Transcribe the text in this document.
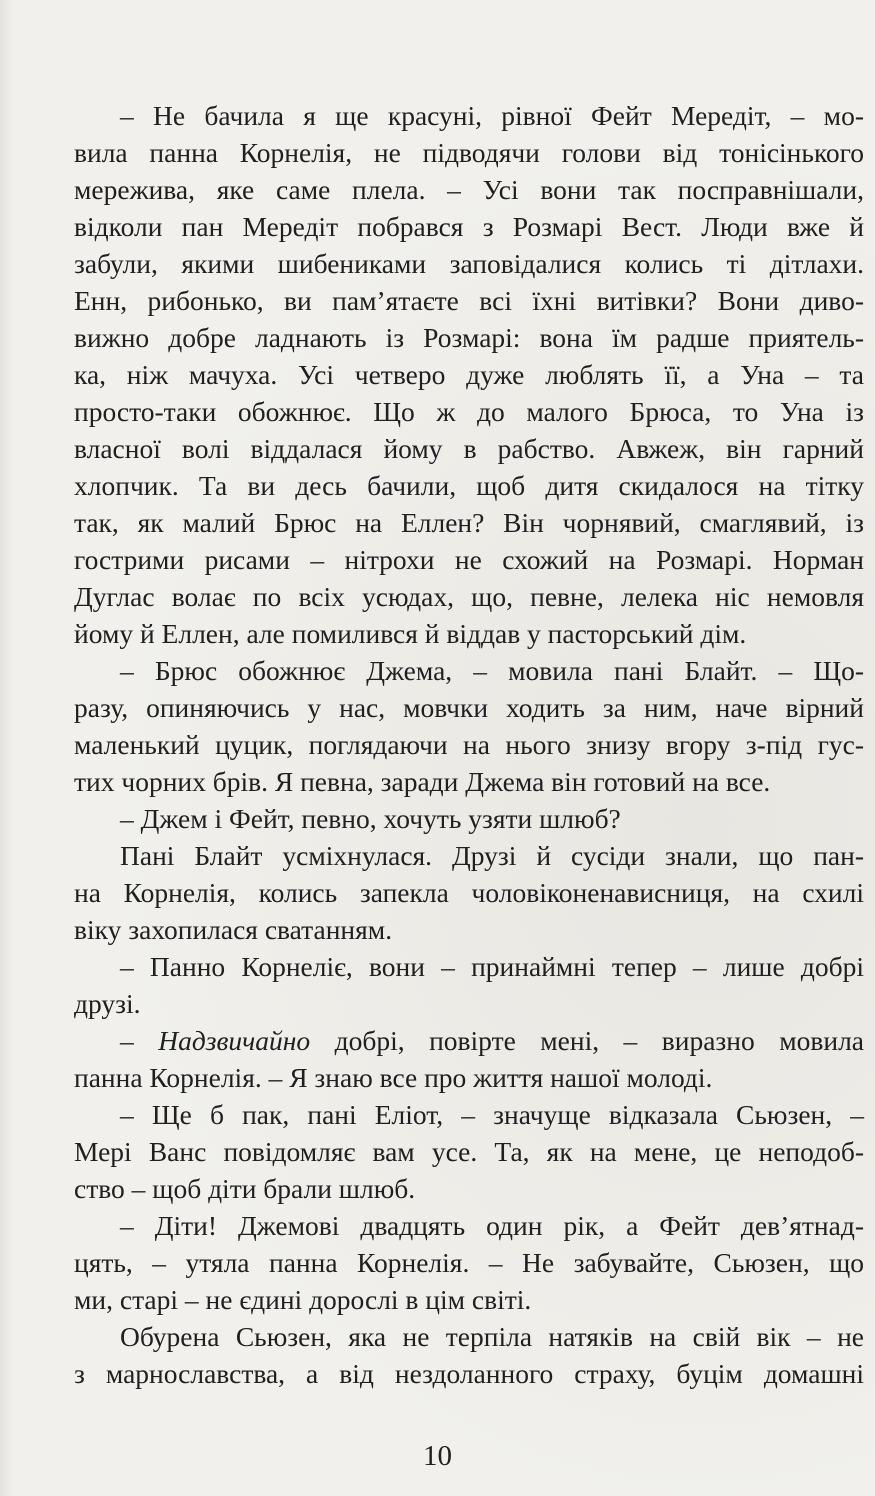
– Не бачила я ще красуні, рівної Фейт Мередіт, – мо-
вила панна Корнелія, не підводячи голови від тонісінького
мережива, яке саме плела. – Усі вони так посправнішали,
відколи пан Мередіт побрався з Розмарі Вест. Люди вже й
забули, якими шибениками заповідалися колись ті дітлахи.
Енн, рибонько, ви пам’ятаєте всі їхні витівки? Вони диво-
вижно добре ладнають із Розмарі: вона їм радше приятель-
ка, ніж мачуха. Усі четверо дуже люблять її, а Уна – та
просто-таки обожнює. Що ж до малого Брюса, то Уна із
власної волі віддалася йому в рабство. Авжеж, він гарний
хлопчик. Та ви десь бачили, щоб дитя скидалося на тітку
так, як малий Брюс на Еллен? Він чорнявий, смаглявий, із
гострими рисами – нітрохи не схожий на Розмарі. Норман
Дуглас волає по всіх усюдах, що, певне, лелека ніс немовля
йому й Еллен, але помилився й віддав у пасторський дім.
– Брюс обожнює Джема, – мовила пані Блайт. – Що-
разу, опиняючись у нас, мовчки ходить за ним, наче вірний
маленький цуцик, поглядаючи на нього знизу вгору з-під гус-
тих чорних брів. Я певна, заради Джема він готовий на все.
– Джем і Фейт, певно, хочуть узяти шлюб?
Пані Блайт усміхнулася. Друзі й сусіди знали, що пан-
на Корнелія, колись запекла чоловіконенависниця, на схилі
віку захопилася сватанням.
– Панно Корнеліє, вони – принаймні тепер – лише добрі
друзі.
– Надзвичайно добрі, повірте мені, – виразно мовила
панна Корнелія. – Я знаю все про життя нашої молоді.
– Ще б пак, пані Еліот, – значуще відказала Сьюзен, –
Мері Ванс повідомляє вам усе. Та, як на мене, це неподоб-
ство – щоб діти брали шлюб.
– Діти! Джемові двадцять один рік, а Фейт дев’ятнад-
цять, – утяла панна Корнелія. – Не забувайте, Сьюзен, що
ми, старі – не єдині дорослі в цім світі.
Обурена Сьюзен, яка не терпіла натяків на свій вік – не
з марнославства, а від нездоланного страху, буцім домашні
10
